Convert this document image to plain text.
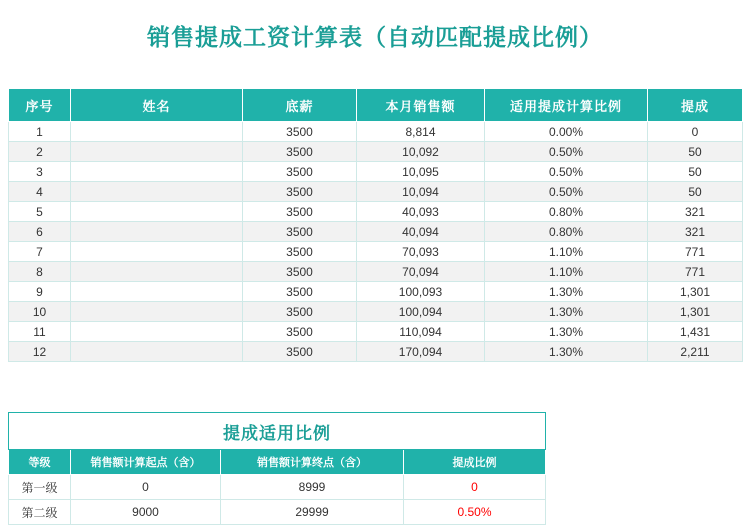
销售提成工资计算表（自动匹配提成比例）
序号	姓名	底薪	本月销售额	适用提成计算比例	提成
1		3500	8,814	0.00%	0
2		3500	10,092	0.50%	50
3		3500	10,095	0.50%	50
4		3500	10,094	0.50%	50
5		3500	40,093	0.80%	321
6		3500	40,094	0.80%	321
7		3500	70,093	1.10%	771
8		3500	70,094	1.10%	771
9		3500	100,093	1.30%	1,301
10		3500	100,094	1.30%	1,301
11		3500	110,094	1.30%	1,431
12		3500	170,094	1.30%	2,211
提成适用比例			
等级	销售额计算起点（含）	销售额计算终点（含）	提成比例
第一级	0	8999	0
第二级	9000	29999	0.50%
